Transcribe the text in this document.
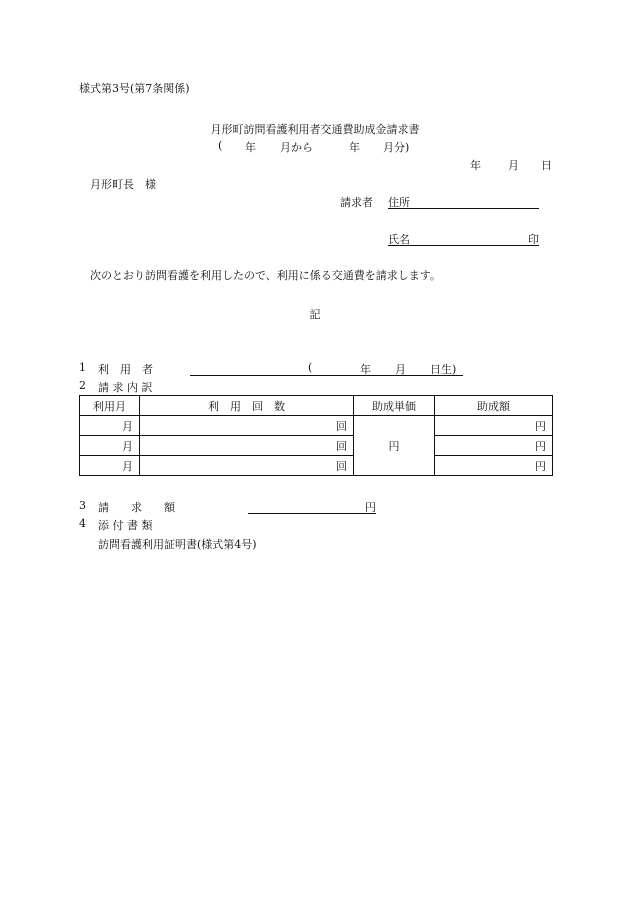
様式第3号(第7条関係)
月形町訪問看護利用者交通費助成金請求書
( 年 月から	年 月分)
年 月 日
月形町長　様
請求者 住所
氏名	印
次のとおり訪問看護を利用したので、利用に係る交通費を請求します。
記
1 利　用　者	(	年 月 日生)
2 請 求 内 訳
利用月	利　用　回　数	助成単価	助成額
月	回	円	円
月	回		円
月	回		円
3 請　　求　　額	円
4 添 付 書 類
訪問看護利用証明書(様式第4号)
